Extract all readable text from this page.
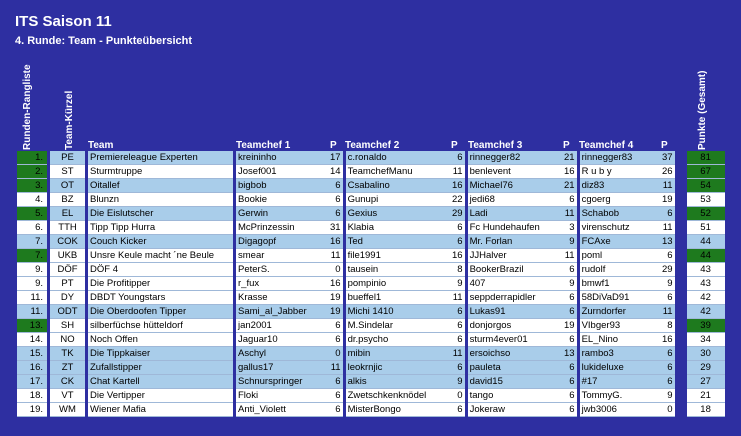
ITS Saison 11
4. Runde: Team - Punkteübersicht
Runden-Rangliste	Team-Kürzel	Punkte (Gesamt)
Team	Teamchef 1	P Teamchef 2	P Teamchef 3	P Teamchef 4	P
1.		PE		Premiereleague Experten		kreininho	17		c.ronaldo	6		rinnegger82	21		rinnegger83	37		81
2.		ST		Sturmtruppe		Josef001	14		TeamchefManu	11		benlevent	16		R u b y	26		67
3.		OT		Oitallef		bigbob	6		Csabalino	16		Michael76	21		diz83	11		54
4.		BZ		Blunzn		Bookie	6		Gunupi	22		jedi68	6		cgoerg	19		53
5.		EL		Die Eislutscher		Gerwin	6		Gexius	29		Ladi	11		Schabob	6		52
6.		TTH		Tipp Tipp Hurra		McPrinzessin	31		Klabia	6		Fc Hundehaufen	3		virenschutz	11		51
7.		COK		Couch Kicker		Digagopf	16		Ted	6		Mr. Forlan	9		FCAxe	13		44
7.		UKB		Unsre Keule macht ´ne Beule		smear	11		file1991	16		JJHalver	11		poml	6		44
9.		DÖF		DÖF 4		PeterS.	0		tausein	8		BookerBrazil	6		rudolf	29		43
9.		PT		Die Profitipper		r_fux	16		pompinio	9		407	9		bmwf1	9		43
11.		DY		DBDT Youngstars		Krasse	19		bueffel1	11		seppderrapidler	6		58DiVaD91	6		42
11.		ODT		Die Oberdoofen Tipper		Sami_al_Jabber	19		Michi 1410	6		Lukas91	6		Zurndorfer	11		42
13.		SH		silberfüchse hütteldorf		jan2001	6		M.Sindelar	6		donjorgos	19		VIbger93	8		39
14.		NO		Noch Offen		Jaguar10	6		dr.psycho	6		sturm4ever01	6		EL_Nino	16		34
15.		TK		Die Tippkaiser		Aschyl	0		mibin	11		ersoichso	13		rambo3	6		30
16.		ZT		Zufallstipper		gallus17	11		leokrnjic	6		pauleta	6		lukideluxe	6		29
17.		CK		Chat Kartell		Schnurspringer	6		alkis	9		david15	6		#17	6		27
18.		VT		Die Vertipper		Floki	6		Zwetschkenknödel	0		tango	6		TommyG.	9		21
19.		WM		Wiener Mafia		Anti_Violett	6		MisterBongo	6		Jokeraw	6		jwb3006	0		18
